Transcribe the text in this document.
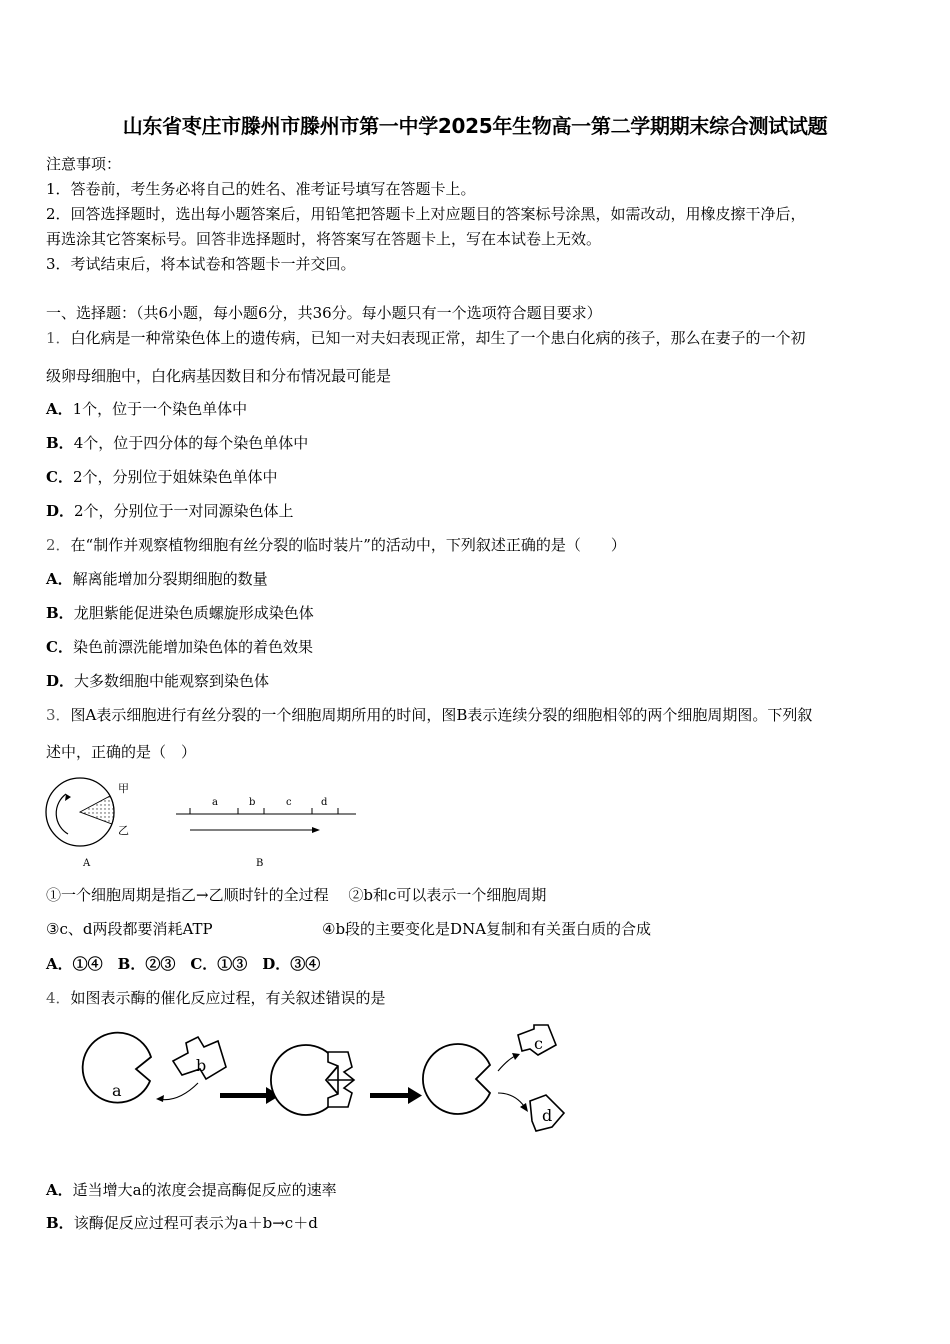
山东省枣庄市滕州市滕州市第一中学2025年生物高一第二学期期末综合测试试题
注意事项：
1．答卷前，考生务必将自己的姓名、准考证号填写在答题卡上。
2．回答选择题时，选出每小题答案后，用铅笔把答题卡上对应题目的答案标号涂黑，如需改动，用橡皮擦干净后，
再选涂其它答案标号。回答非选择题时，将答案写在答题卡上，写在本试卷上无效。
3．考试结束后，将本试卷和答题卡一并交回。
一、选择题：（共6小题，每小题6分，共36分。每小题只有一个选项符合题目要求）
1．白化病是一种常染色体上的遗传病，已知一对夫妇表现正常，却生了一个患白化病的孩子，那么在妻子的一个初
级卵母细胞中，白化病基因数目和分布情况最可能是
A．1个，位于一个染色单体中
B．4个，位于四分体的每个染色单体中
C．2个，分别位于姐妹染色单体中
D．2个，分别位于一对同源染色体上
2．在“制作并观察植物细胞有丝分裂的临时装片”的活动中，下列叙述正确的是（　　）
A．解离能增加分裂期细胞的数量
B．龙胆紫能促进染色质螺旋形成染色体
C．染色前漂洗能增加染色体的着色效果
D．大多数细胞中能观察到染色体
3．图A表示细胞进行有丝分裂的一个细胞周期所用的时间，图B表示连续分裂的细胞相邻的两个细胞周期图。下列叙
述中，正确的是（　）
甲
乙
A
a	b	c	d
B
①一个细胞周期是指乙→乙顺时针的全过程　 ②b和c可以表示一个细胞周期
③c、d两段都要消耗ATP	④b段的主要变化是DNA复制和有关蛋白质的合成
A．①④　B．②③　C．①③　D．③④
4．如图表示酶的催化反应过程，有关叙述错误的是
a
b
c
d
A．适当增大a的浓度会提高酶促反应的速率
B．该酶促反应过程可表示为a＋b→c＋d
